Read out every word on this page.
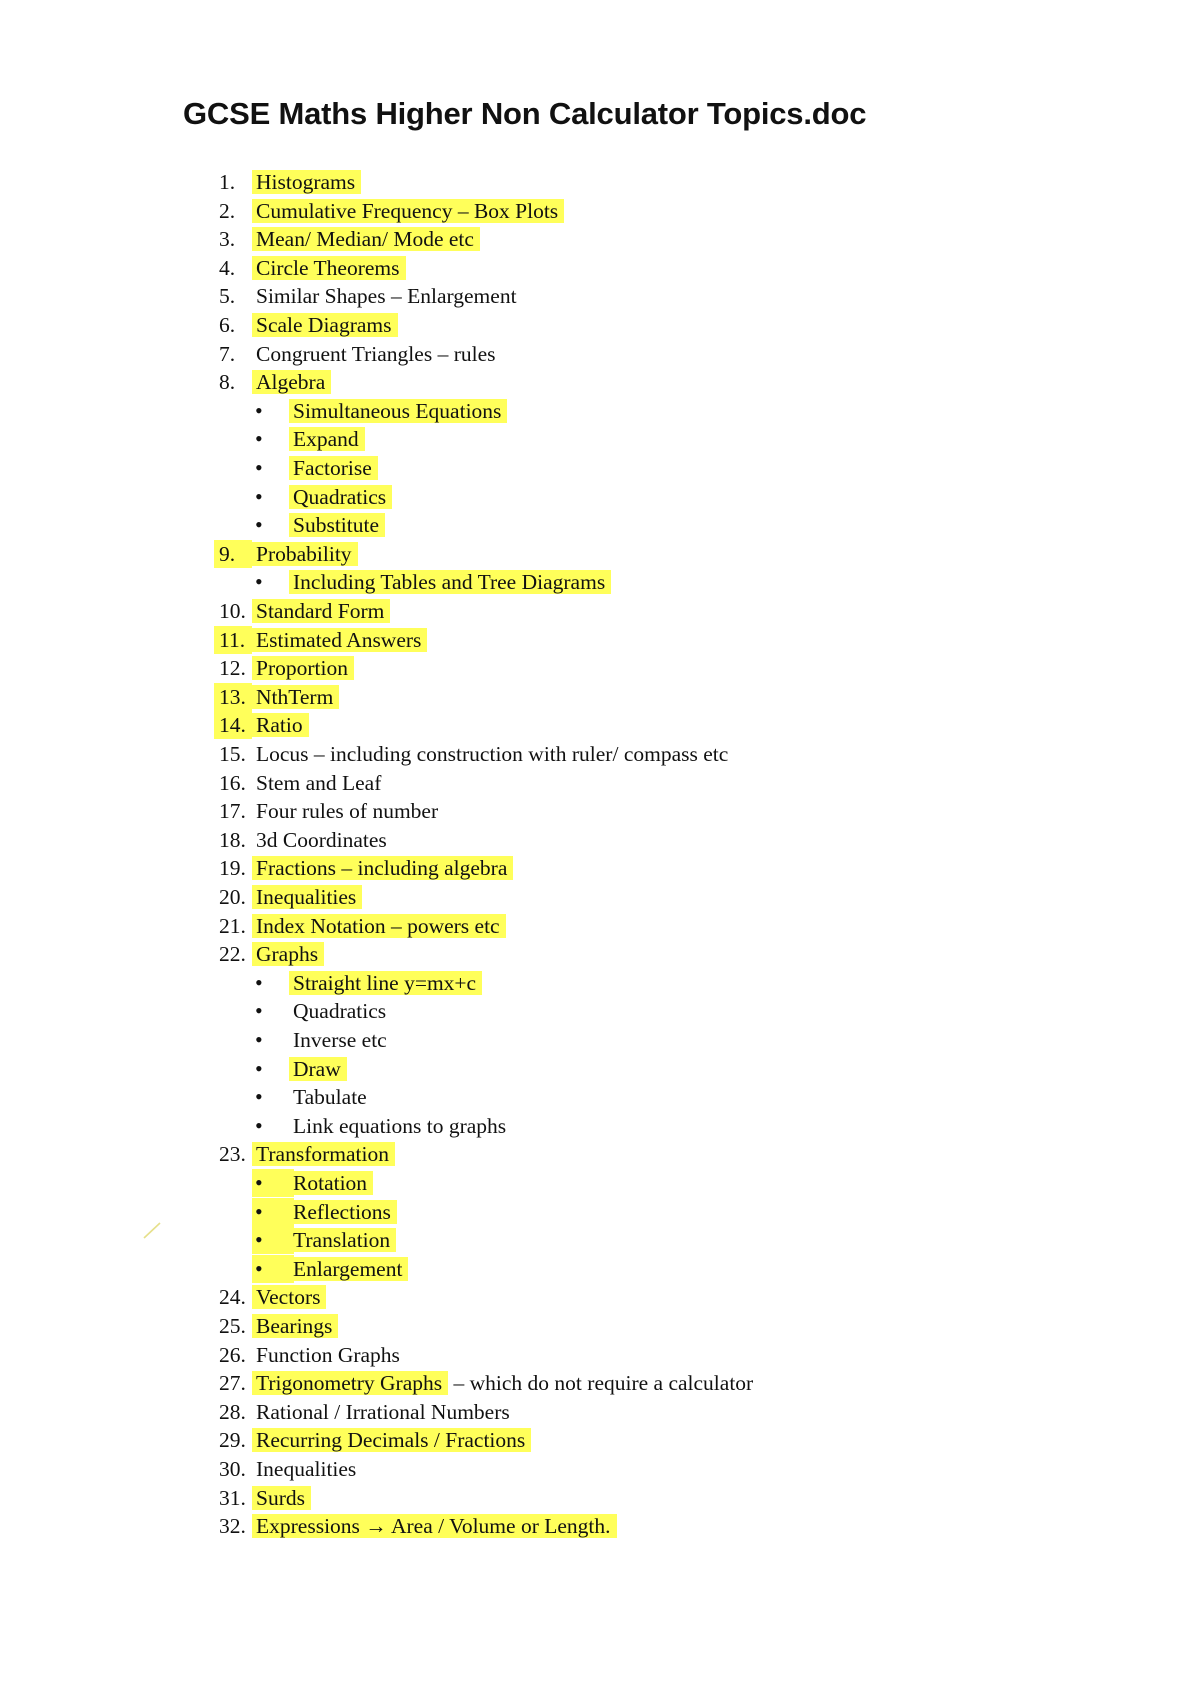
GCSE Maths Higher Non Calculator Topics.doc
1. Histograms
2. Cumulative Frequency – Box Plots
3. Mean/ Median/ Mode etc
4. Circle Theorems
5. Similar Shapes – Enlargement
6. Scale Diagrams
7. Congruent Triangles – rules
8. Algebra
• Simultaneous Equations
• Expand
• Factorise
• Quadratics
• Substitute
9. Probability
• Including Tables and Tree Diagrams
10. Standard Form
11. Estimated Answers
12. Proportion
13. NthTerm
14. Ratio
15. Locus – including construction with ruler/ compass etc
16. Stem and Leaf
17. Four rules of number
18. 3d Coordinates
19. Fractions – including algebra
20. Inequalities
21. Index Notation – powers etc
22. Graphs
• Straight line y=mx+c
• Quadratics
• Inverse etc
• Draw
• Tabulate
• Link equations to graphs
23. Transformation
• Rotation
• Reflections
• Translation
• Enlargement
24. Vectors
25. Bearings
26. Function Graphs
27. Trigonometry Graphs – which do not require a calculator
28. Rational / Irrational Numbers
29. Recurring Decimals / Fractions
30. Inequalities
31. Surds
32. Expressions → Area / Volume or Length.
